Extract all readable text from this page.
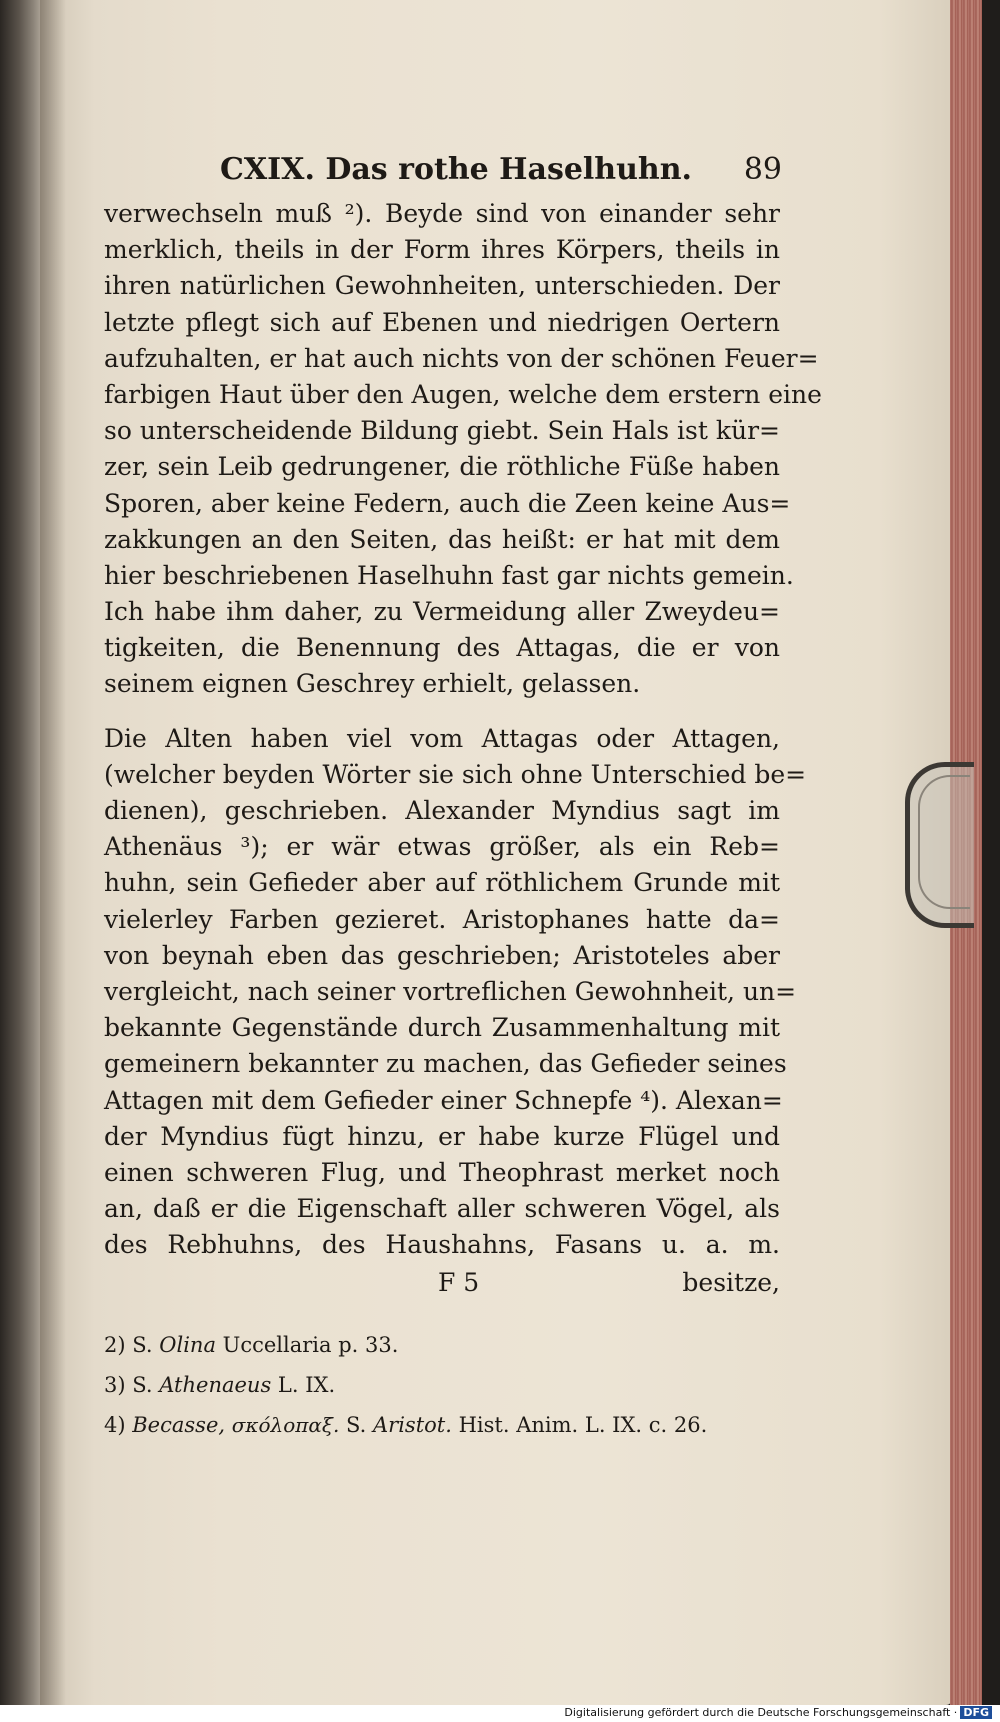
CXIX. Das rothe Haselhuhn. 89
verwechseln muß ²). Beyde sind von einander sehr
merklich, theils in der Form ihres Körpers, theils in
ihren natürlichen Gewohnheiten, unterschieden. Der
letzte pflegt sich auf Ebenen und niedrigen Oertern
aufzuhalten, er hat auch nichts von der schönen Feuer=
farbigen Haut über den Augen, welche dem erstern eine
so unterscheidende Bildung giebt. Sein Hals ist kür=
zer, sein Leib gedrungener, die röthliche Füße haben
Sporen, aber keine Federn, auch die Zeen keine Aus=
zakkungen an den Seiten, das heißt: er hat mit dem
hier beschriebenen Haselhuhn fast gar nichts gemein.
Ich habe ihm daher, zu Vermeidung aller Zweydeu=
tigkeiten, die Benennung des Attagas, die er von
seinem eignen Geschrey erhielt, gelassen.
Die Alten haben viel vom Attagas oder Attagen,
(welcher beyden Wörter sie sich ohne Unterschied be=
dienen), geschrieben. Alexander Myndius sagt im
Athenäus ³); er wär etwas größer, als ein Reb=
huhn, sein Gefieder aber auf röthlichem Grunde mit
vielerley Farben gezieret. Aristophanes hatte da=
von beynah eben das geschrieben; Aristoteles aber
vergleicht, nach seiner vortreflichen Gewohnheit, un=
bekannte Gegenstände durch Zusammenhaltung mit
gemeinern bekannter zu machen, das Gefieder seines
Attagen mit dem Gefieder einer Schnepfe ⁴). Alexan=
der Myndius fügt hinzu, er habe kurze Flügel und
einen schweren Flug, und Theophrast merket noch
an, daß er die Eigenschaft aller schweren Vögel, als
des Rebhuhns, des Haushahns, Fasans u. a. m.
F 5	besitze,
2) S. Olina Uccellaria p. 33.
3) S. Athenaeus L. IX.
4) Becasse, σκόλοπαξ. S. Aristot. Hist. Anim. L. IX. c. 26.
Digitalisierung gefördert durch die Deutsche Forschungsgemeinschaft · DFG
